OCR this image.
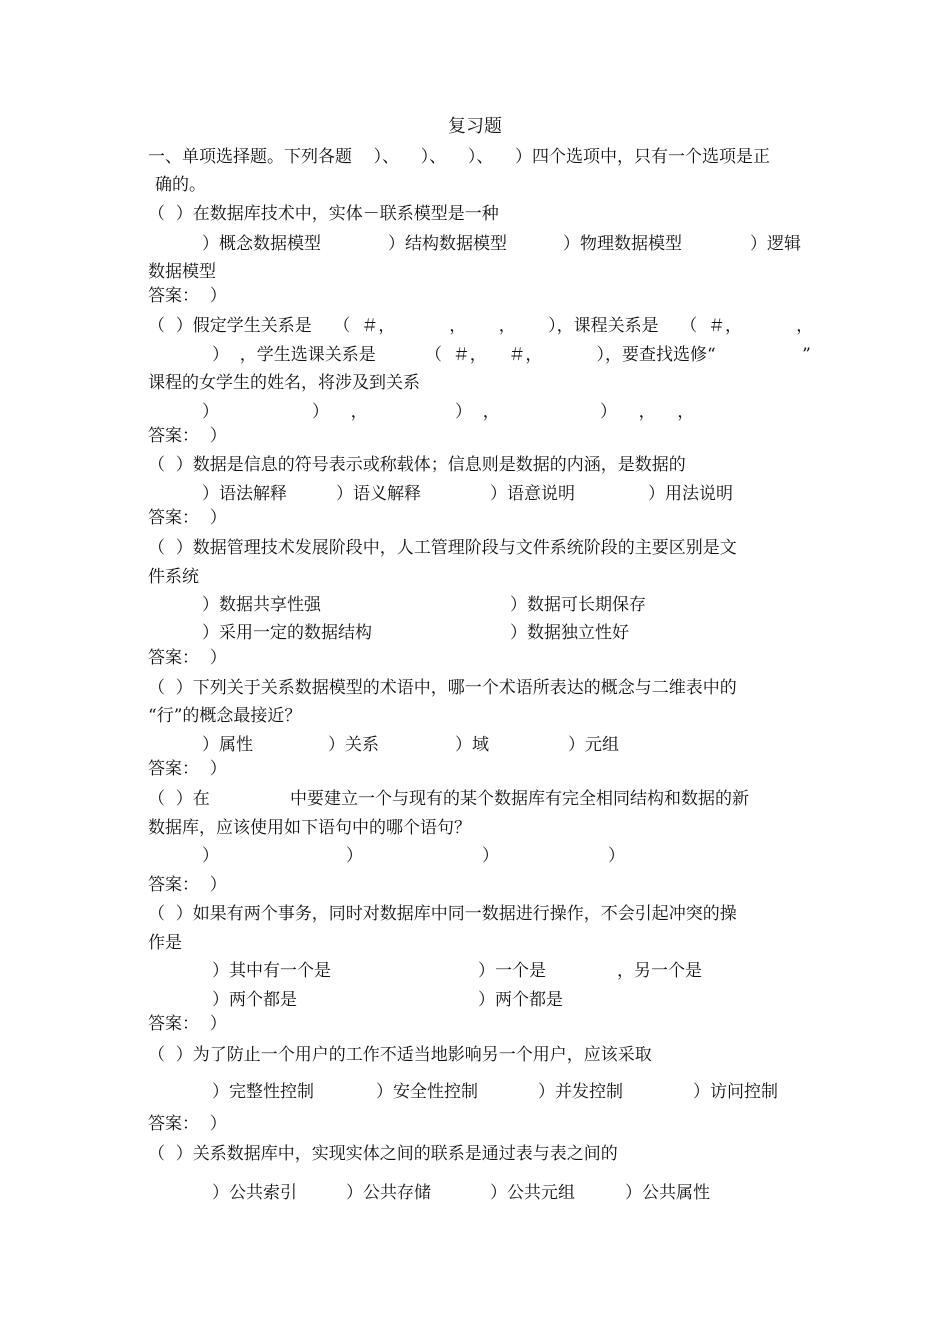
复习题
一、单项选择题。下列各题    ）、    ）、    ）、    ）四个选项中，只有一个选项是正
确的。
（  ）在数据库技术中，实体－联系模型是一种
）概念数据模型	）结构数据模型	）物理数据模型	）逻辑
数据模型
答案：  ）
（  ）假定学生关系是    （  ＃，          ，      ，      ），课程关系是    （  ＃，          ，
）  ，学生选课关系是	（  ＃，    ＃，          ），要查找选修“                ”
课程的女学生的姓名，将涉及到关系
）	）    ，	）  ，	）    ，    ，
答案：  ）
（  ）数据是信息的符号表示或称载体；信息则是数据的内涵，是数据的
）语法解释	）语义解释	）语意说明	）用法说明
答案：  ）
（  ）数据管理技术发展阶段中，人工管理阶段与文件系统阶段的主要区别是文
件系统
）数据共享性强	）数据可长期保存
）采用一定的数据结构	）数据独立性好
答案：  ）
（  ）下列关于关系数据模型的术语中，哪一个术语所表达的概念与二维表中的
“行”的概念最接近？
）属性	）关系	）域	）元组
答案：  ）
（  ）在	中要建立一个与现有的某个数据库有完全相同结构和数据的新
数据库，应该使用如下语句中的哪个语句？
）	）	）	）
答案：  ）
（  ）如果有两个事务，同时对数据库中同一数据进行操作，不会引起冲突的操
作是
）其中有一个是	）一个是	，另一个是
）两个都是	）两个都是
答案：  ）
（  ）为了防止一个用户的工作不适当地影响另一个用户，应该采取
）完整性控制	）安全性控制	）并发控制	）访问控制
答案：  ）
（  ）关系数据库中，实现实体之间的联系是通过表与表之间的
）公共索引	）公共存储	）公共元组	）公共属性
